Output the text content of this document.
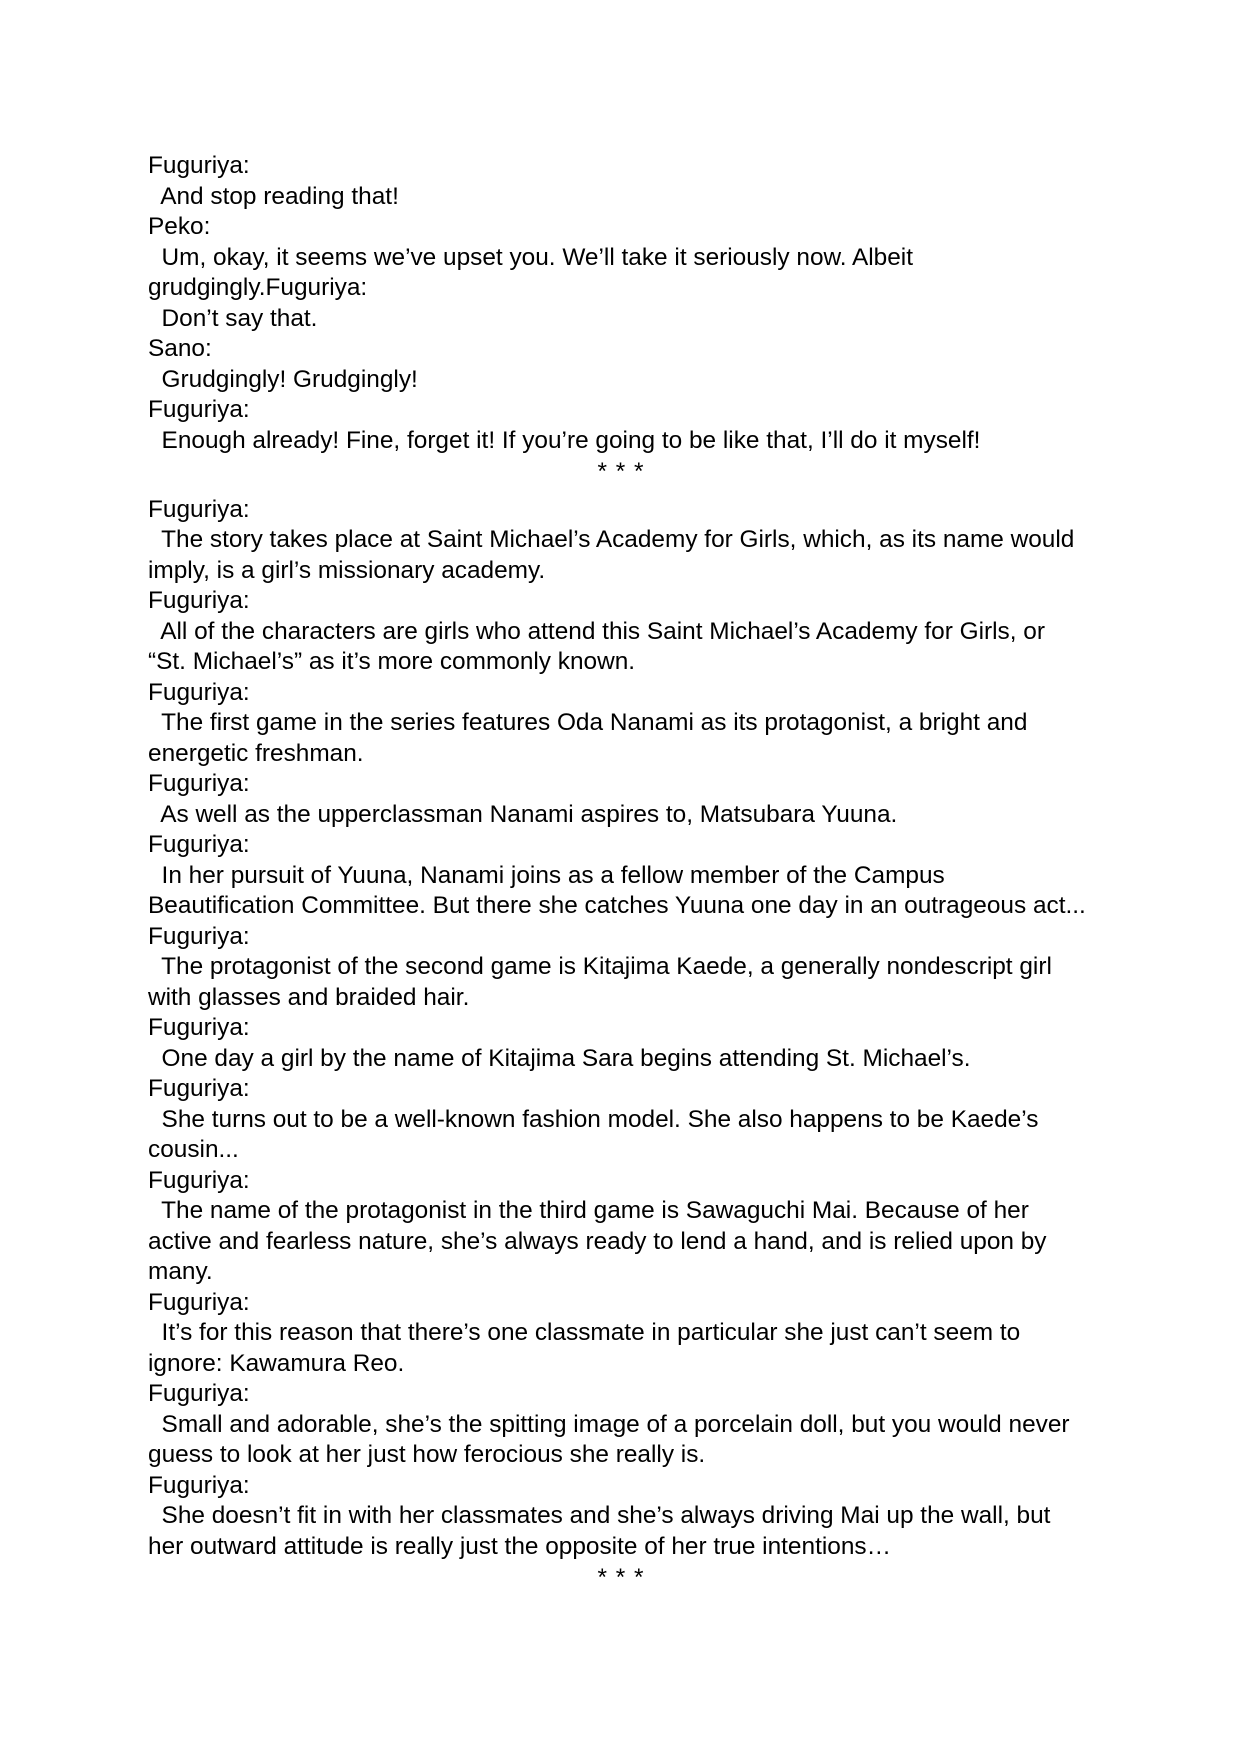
Fuguriya:
And stop reading that!
Peko:
Um, okay, it seems we’ve upset you. We’ll take it seriously now. Albeit
grudgingly.Fuguriya:
Don’t say that.
Sano:
Grudgingly! Grudgingly!
Fuguriya:
Enough already! Fine, forget it! If you’re going to be like that, I’ll do it myself!
* * *
Fuguriya:
The story takes place at Saint Michael’s Academy for Girls, which, as its name would
imply, is a girl’s missionary academy.
Fuguriya:
All of the characters are girls who attend this Saint Michael’s Academy for Girls, or
“St. Michael’s” as it’s more commonly known.
Fuguriya:
The first game in the series features Oda Nanami as its protagonist, a bright and
energetic freshman.
Fuguriya:
As well as the upperclassman Nanami aspires to, Matsubara Yuuna.
Fuguriya:
In her pursuit of Yuuna, Nanami joins as a fellow member of the Campus
Beautification Committee. But there she catches Yuuna one day in an outrageous act...
Fuguriya:
The protagonist of the second game is Kitajima Kaede, a generally nondescript girl
with glasses and braided hair.
Fuguriya:
One day a girl by the name of Kitajima Sara begins attending St. Michael’s.
Fuguriya:
She turns out to be a well-known fashion model. She also happens to be Kaede’s
cousin...
Fuguriya:
The name of the protagonist in the third game is Sawaguchi Mai. Because of her
active and fearless nature, she’s always ready to lend a hand, and is relied upon by
many.
Fuguriya:
It’s for this reason that there’s one classmate in particular she just can’t seem to
ignore: Kawamura Reo.
Fuguriya:
Small and adorable, she’s the spitting image of a porcelain doll, but you would never
guess to look at her just how ferocious she really is.
Fuguriya:
She doesn’t fit in with her classmates and she’s always driving Mai up the wall, but
her outward attitude is really just the opposite of her true intentions…
* * *
